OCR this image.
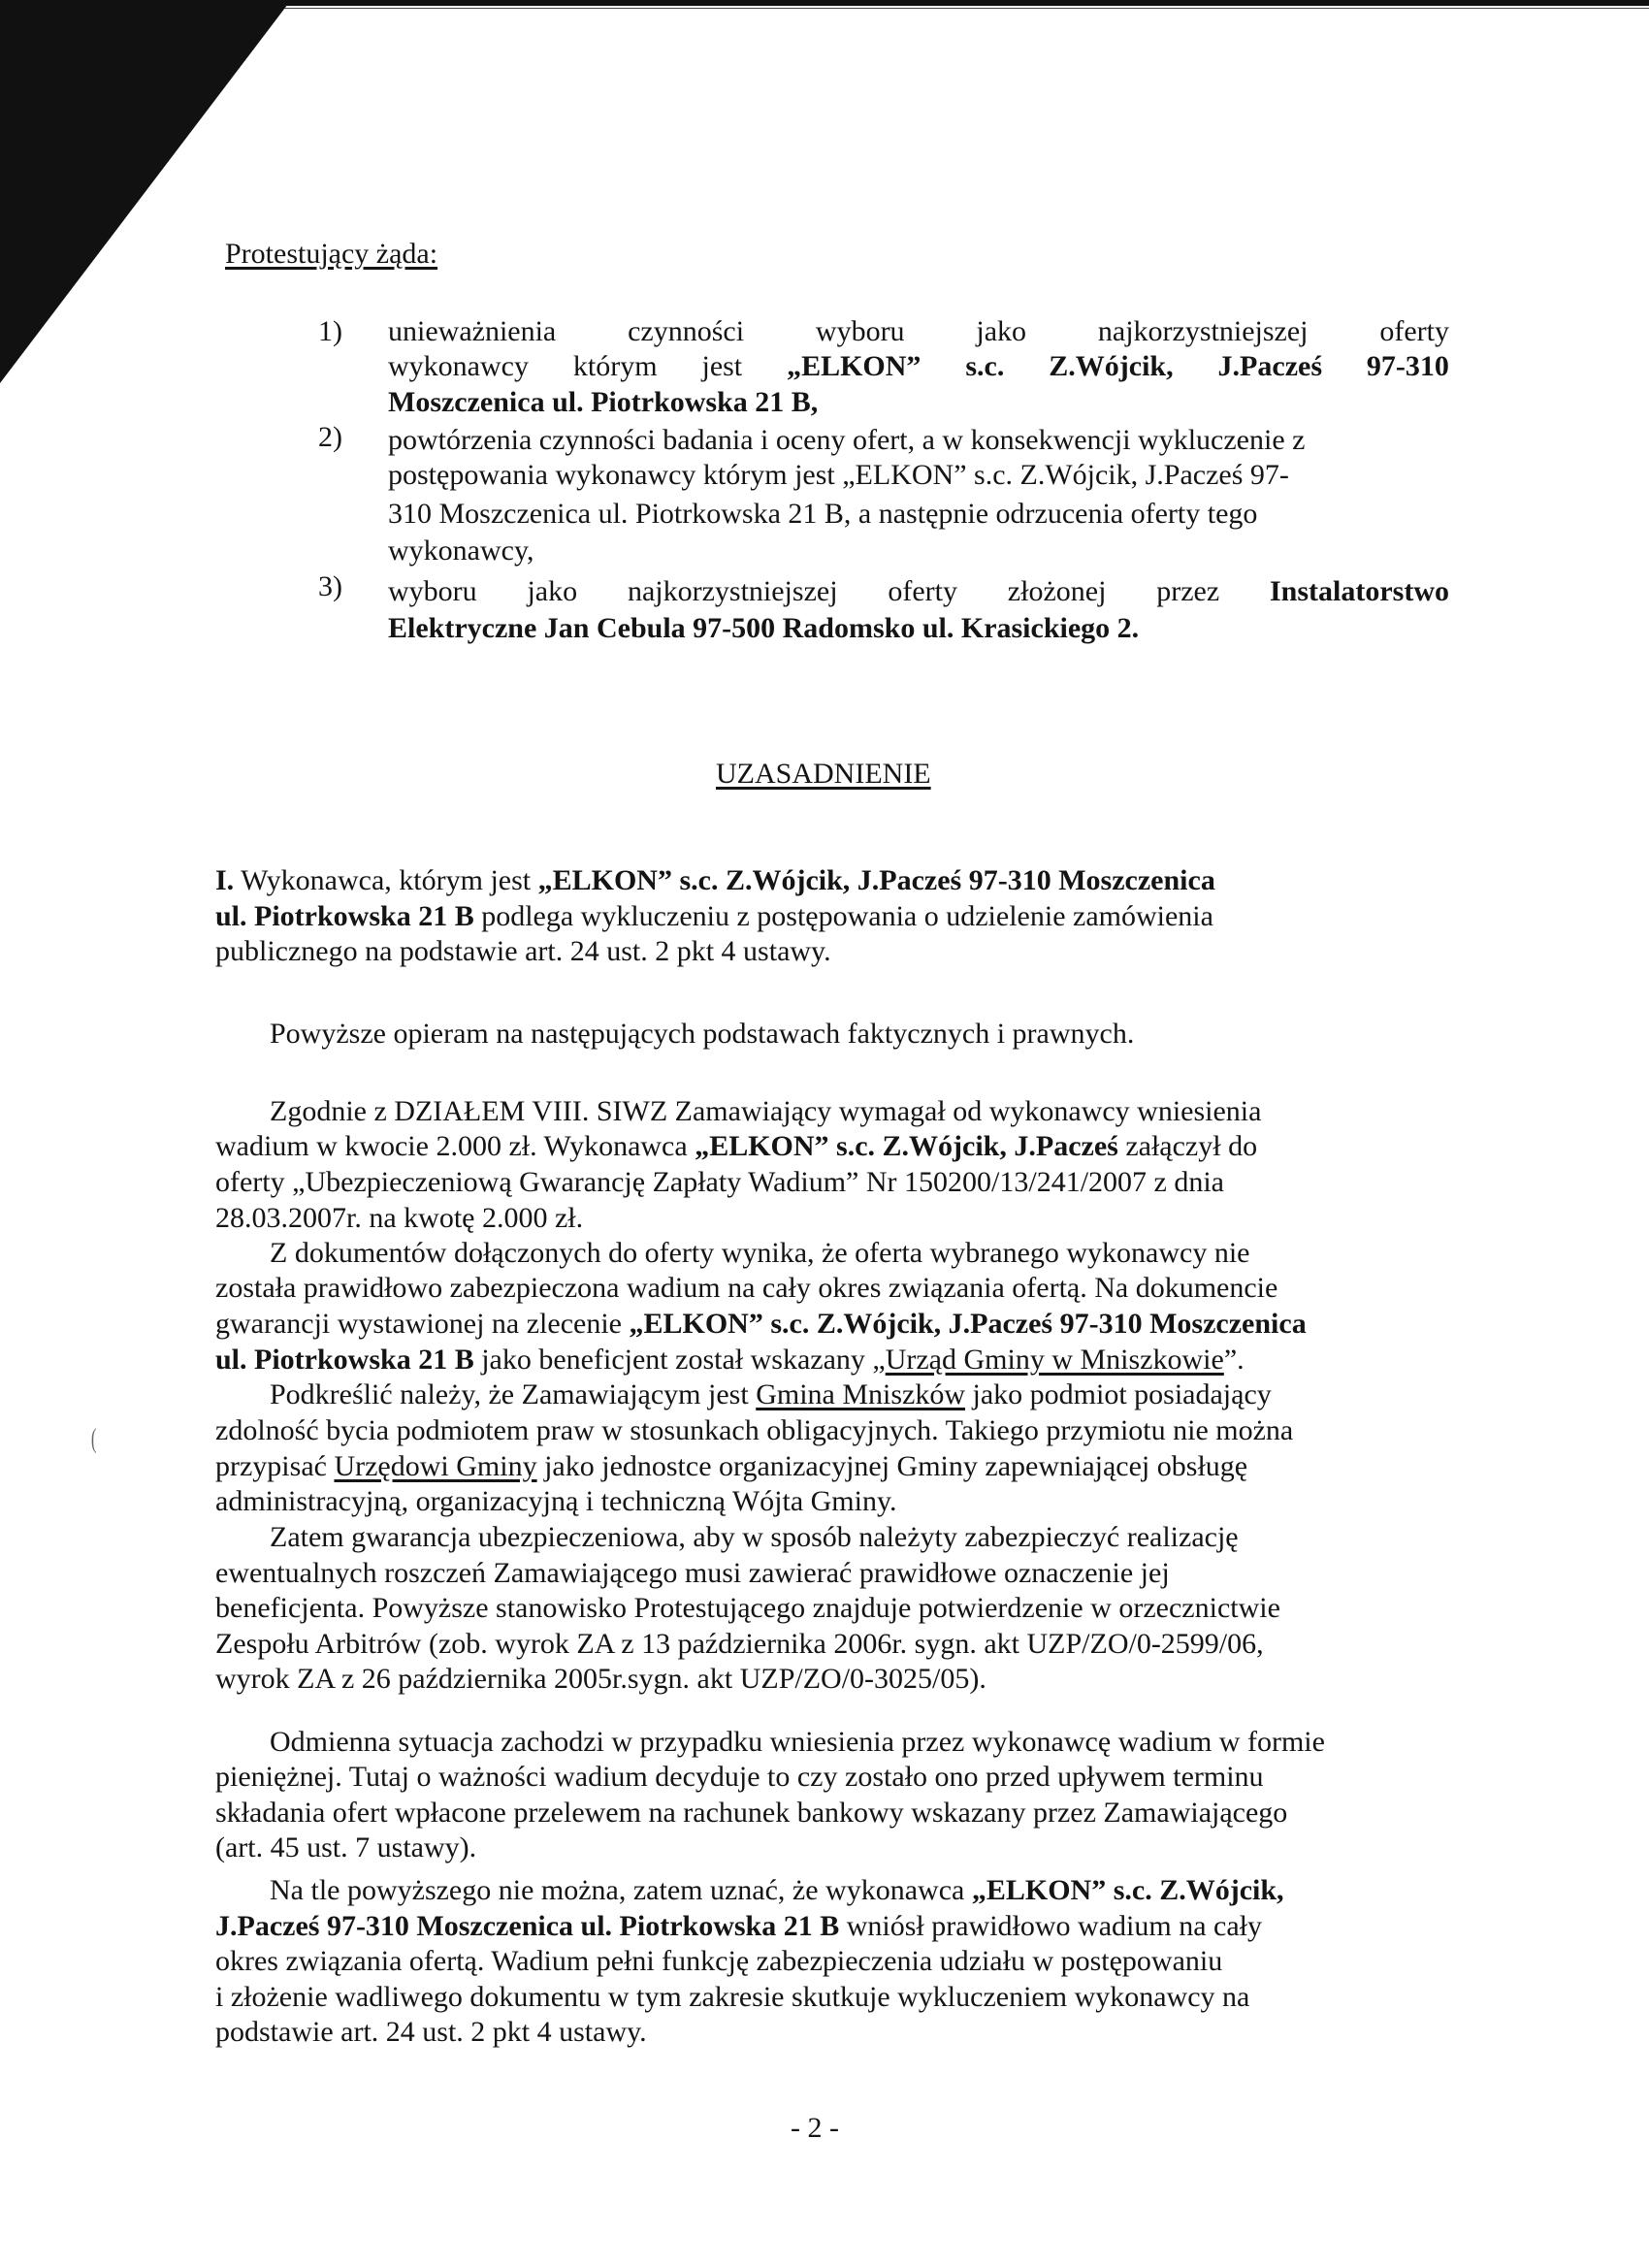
Protestujący żąda:
1) unieważnienia czynności wyboru jako najkorzystniejszej oferty
wykonawcy którym jest „ELKON” s.c. Z.Wójcik, J.Pacześ 97-310
Moszczenica ul. Piotrkowska 21 B,
2) powtórzenia czynności badania i oceny ofert, a w konsekwencji wykluczenie z
postępowania wykonawcy którym jest „ELKON” s.c. Z.Wójcik, J.Pacześ 97-
310 Moszczenica ul. Piotrkowska 21 B, a następnie odrzucenia oferty tego
wykonawcy,
3) wyboru jako najkorzystniejszej oferty złożonej przez Instalatorstwo
Elektryczne Jan Cebula 97-500 Radomsko ul. Krasickiego 2.
UZASADNIENIE
I. Wykonawca, którym jest „ELKON” s.c. Z.Wójcik, J.Pacześ 97-310 Moszczenica
ul. Piotrkowska 21 B podlega wykluczeniu z postępowania o udzielenie zamówienia
publicznego na podstawie art. 24 ust. 2 pkt 4 ustawy.
Powyższe opieram na następujących podstawach faktycznych i prawnych.
Zgodnie z DZIAŁEM VIII. SIWZ Zamawiający wymagał od wykonawcy wniesienia
wadium w kwocie 2.000 zł. Wykonawca „ELKON” s.c. Z.Wójcik, J.Pacześ załączył do
oferty „Ubezpieczeniową Gwarancję Zapłaty Wadium” Nr 150200/13/241/2007 z dnia
28.03.2007r. na kwotę 2.000 zł.
Z dokumentów dołączonych do oferty wynika, że oferta wybranego wykonawcy nie
została prawidłowo zabezpieczona wadium na cały okres związania ofertą. Na dokumencie
gwarancji wystawionej na zlecenie „ELKON” s.c. Z.Wójcik, J.Pacześ 97-310 Moszczenica
ul. Piotrkowska 21 B jako beneficjent został wskazany „Urząd Gminy w Mniszkowie”.
Podkreślić należy, że Zamawiającym jest Gmina Mniszków jako podmiot posiadający
zdolność bycia podmiotem praw w stosunkach obligacyjnych. Takiego przymiotu nie można
przypisać Urzędowi Gminy jako jednostce organizacyjnej Gminy zapewniającej obsługę
administracyjną, organizacyjną i techniczną Wójta Gminy.
Zatem gwarancja ubezpieczeniowa, aby w sposób należyty zabezpieczyć realizację
ewentualnych roszczeń Zamawiającego musi zawierać prawidłowe oznaczenie jej
beneficjenta. Powyższe stanowisko Protestującego znajduje potwierdzenie w orzecznictwie
Zespołu Arbitrów (zob. wyrok ZA z 13 października 2006r. sygn. akt UZP/ZO/0-2599/06,
wyrok ZA z 26 października 2005r.sygn. akt UZP/ZO/0-3025/05).
Odmienna sytuacja zachodzi w przypadku wniesienia przez wykonawcę wadium w formie
pieniężnej. Tutaj o ważności wadium decyduje to czy zostało ono przed upływem terminu
składania ofert wpłacone przelewem na rachunek bankowy wskazany przez Zamawiającego
(art. 45 ust. 7 ustawy).
Na tle powyższego nie można, zatem uznać, że wykonawca „ELKON” s.c. Z.Wójcik,
J.Pacześ 97-310 Moszczenica ul. Piotrkowska 21 B wniósł prawidłowo wadium na cały
okres związania ofertą. Wadium pełni funkcję zabezpieczenia udziału w postępowaniu
i złożenie wadliwego dokumentu w tym zakresie skutkuje wykluczeniem wykonawcy na
podstawie art. 24 ust. 2 pkt 4 ustawy.
- 2 -
(
